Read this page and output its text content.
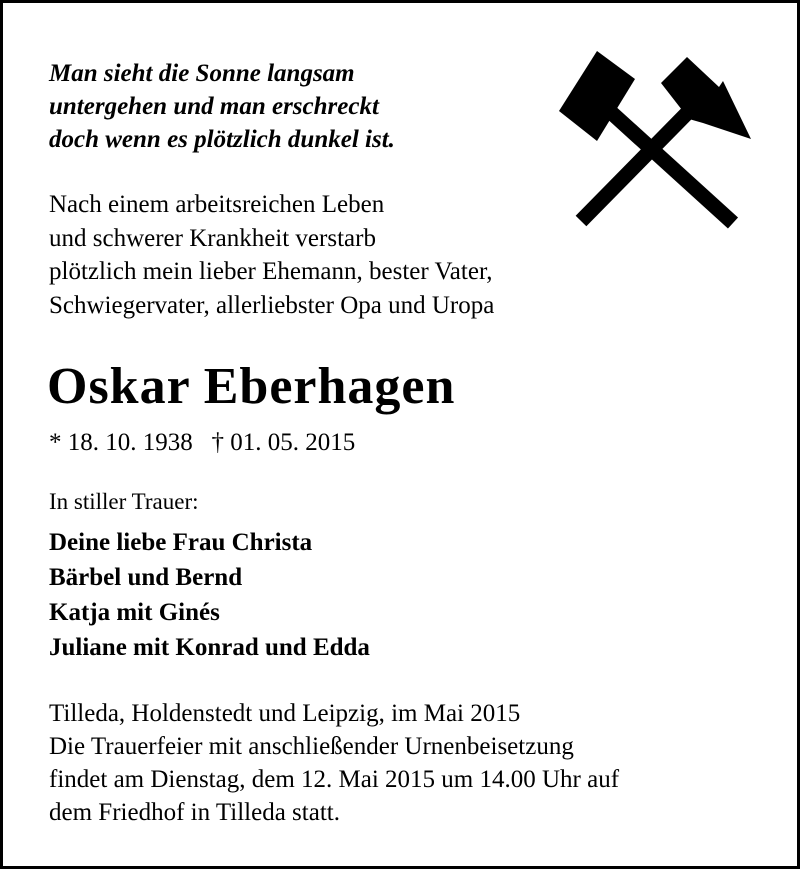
Man sieht die Sonne langsam
untergehen und man erschreckt
doch wenn es plötzlich dunkel ist.
Nach einem arbeitsreichen Leben
und schwerer Krankheit verstarb
plötzlich mein lieber Ehemann, bester Vater,
Schwiegervater, allerliebster Opa und Uropa
Oskar Eberhagen
* 18. 10. 1938   † 01. 05. 2015
In stiller Trauer:
Deine liebe Frau Christa
Bärbel und Bernd
Katja mit Ginés
Juliane mit Konrad und Edda
Tilleda, Holdenstedt und Leipzig, im Mai 2015
Die Trauerfeier mit anschließender Urnenbeisetzung
findet am Dienstag, dem 12. Mai 2015 um 14.00 Uhr auf
dem Friedhof in Tilleda statt.
